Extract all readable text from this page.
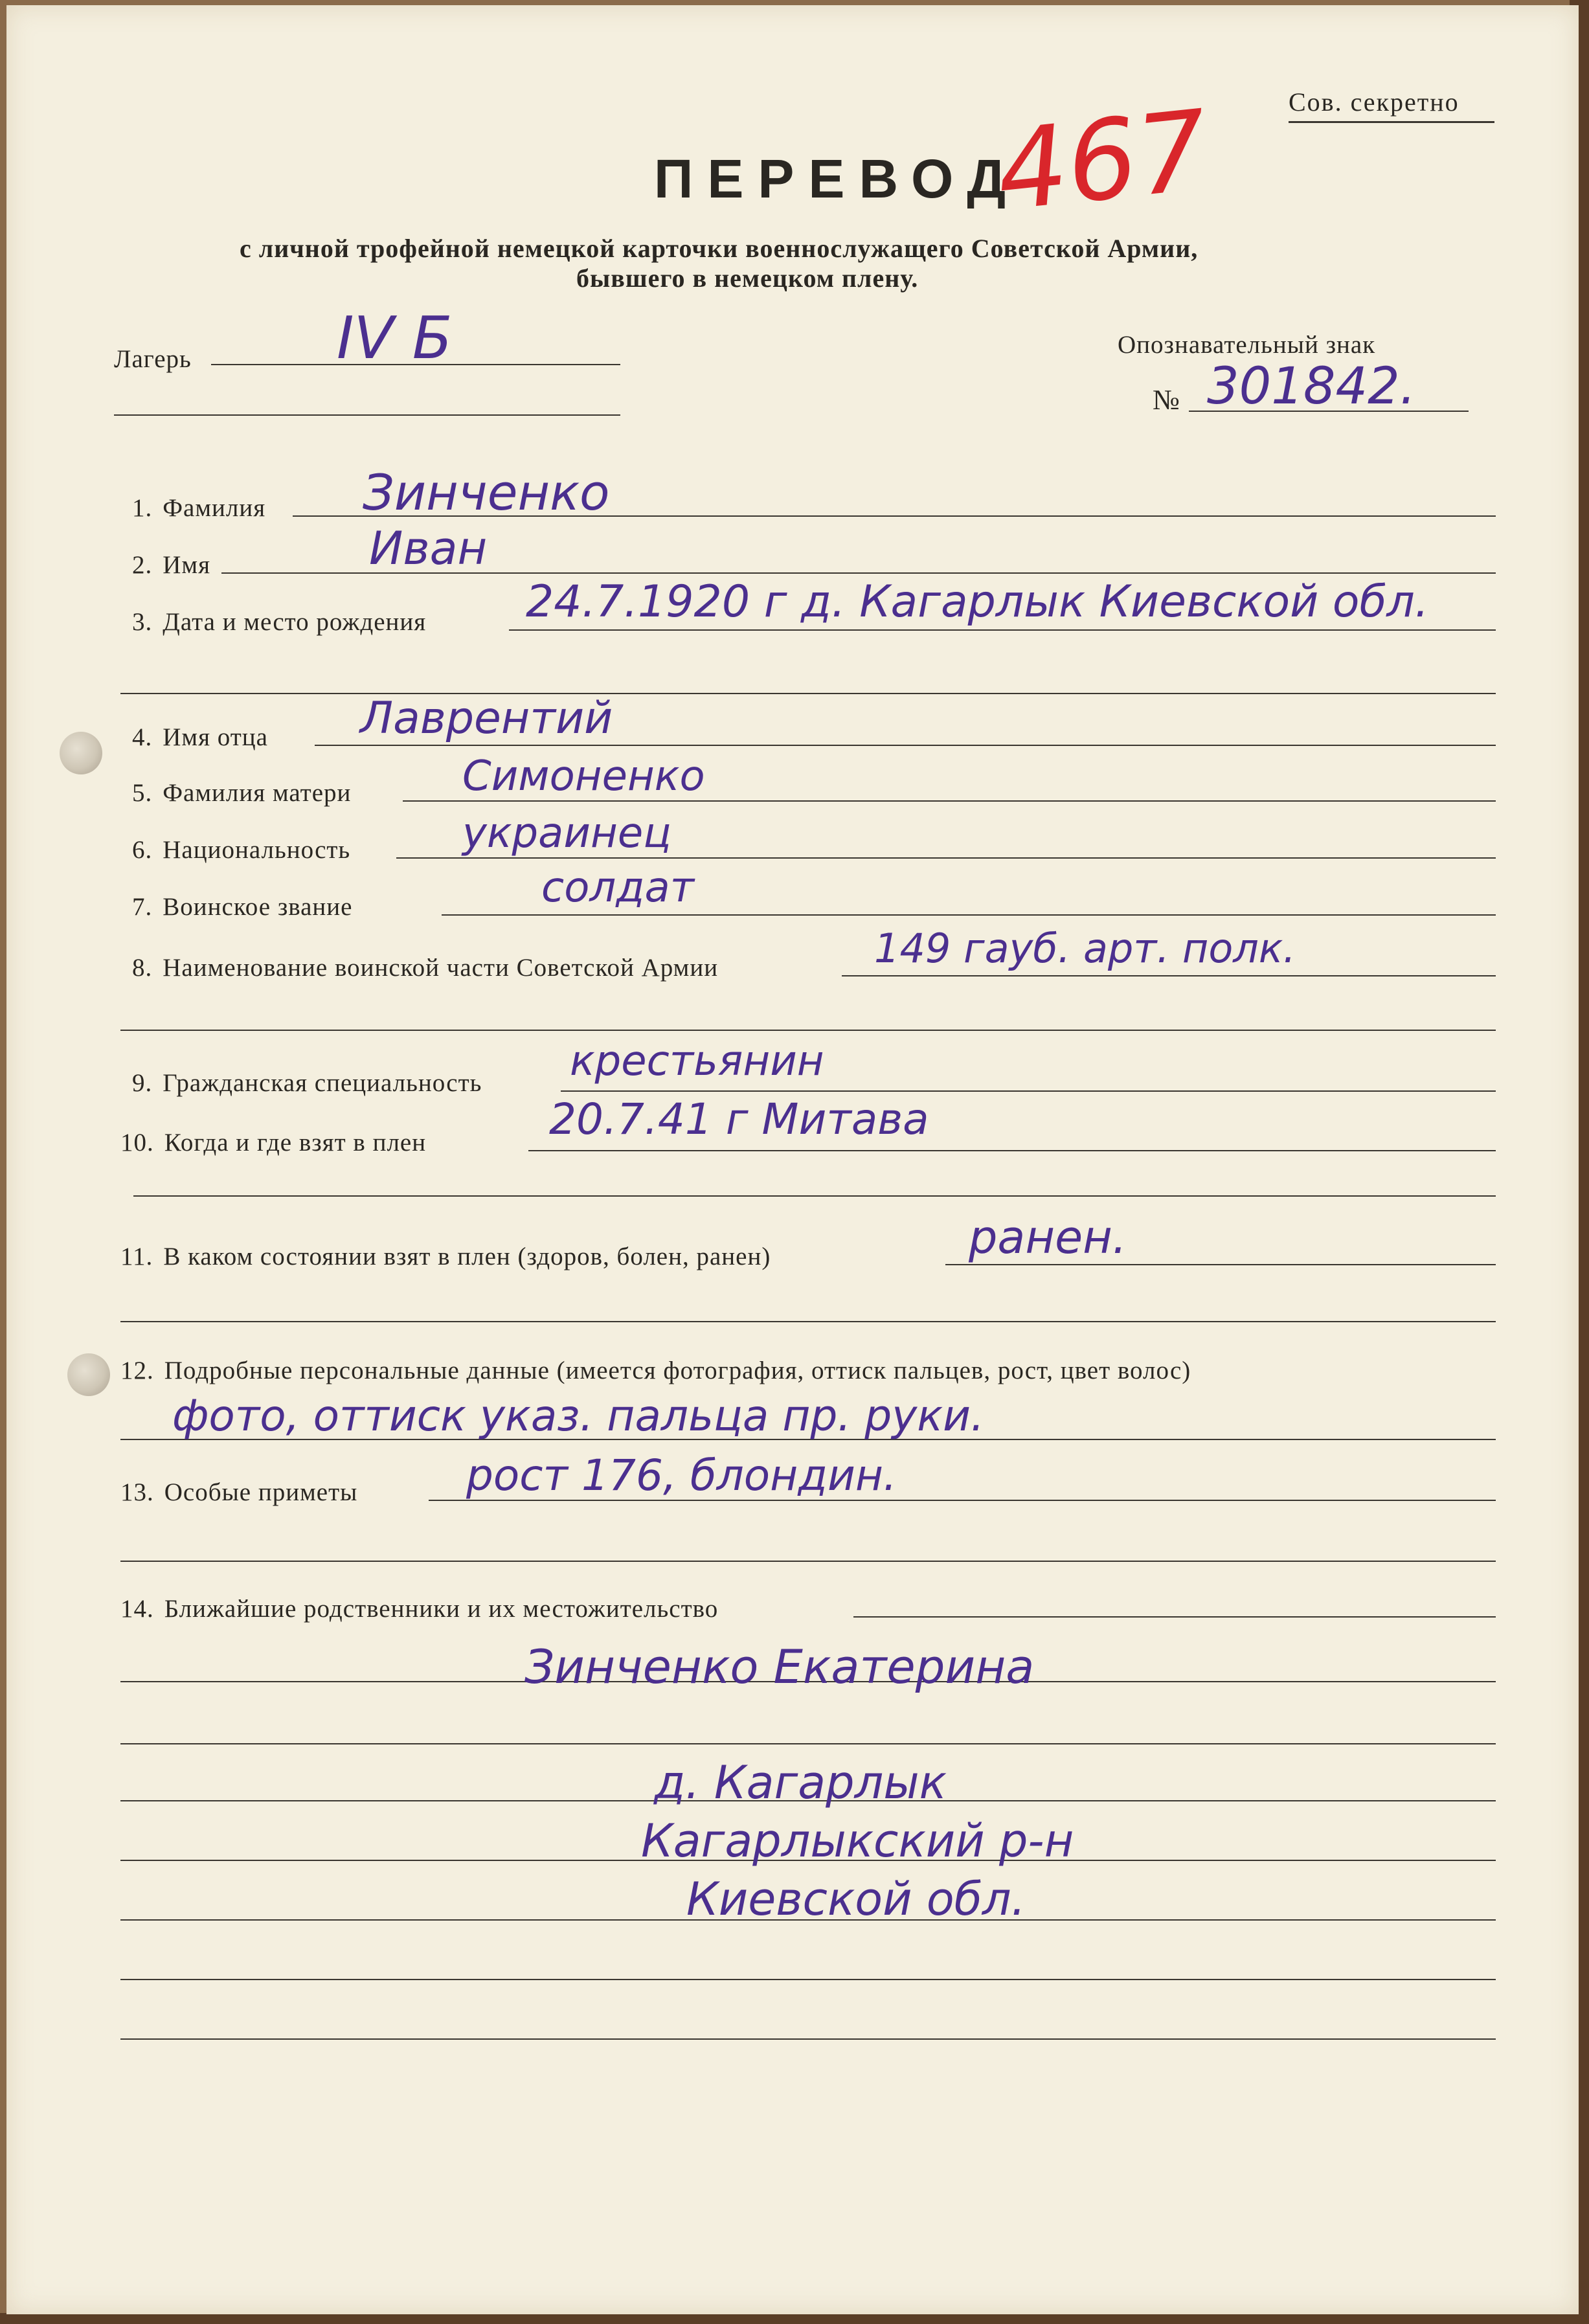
Сов. секретно
ПЕРЕВОД
467
с личной трофейной немецкой карточки военнослужащего Советской Армии,
бывшего в немецком плену.
Лагерь IV Б	Опознавательный знак
№ 301842.
1. Фамилия Зинченко
2. Имя	Иван
3. Дата и место рождения 24.7.1920 г д. Кагарлык Киевской обл.
4. Имя отца Лаврентий
5. Фамилия матери	Симоненко
6. Национальность	украинец
7. Воинское звание	солдат
8. Наименование воинской части Советской Армии	149 гауб. арт. полк.
9. Гражданская специальность крестьянин
10. Когда и где взят в плен	20.7.41 г Митава
11. В каком состоянии взят в плен (здоров, болен, ранен)	ранен.
12. Подробные персональные данные (имеется фотография, оттиск пальцев, рост, цвет волос)
фото, оттиск указ. пальца пр. руки.
13. Особые приметы	рост 176, блондин.
14. Ближайшие родственники и их местожительство
Зинченко Екатерина
д. Кагарлык
Кагарлыкский р-н
Киевской обл.
